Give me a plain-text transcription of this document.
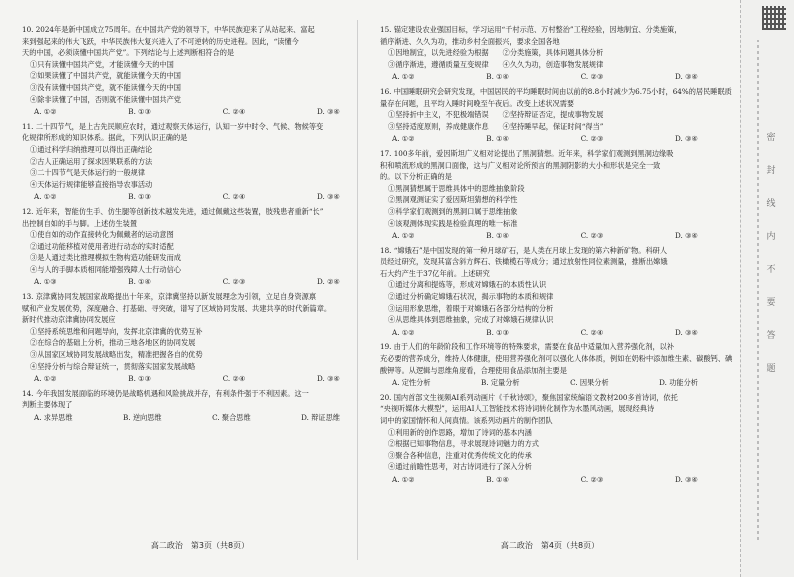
10. 2024年是新中国成立75周年。在中国共产党的领导下，中华民族迎来了从站起来、富起
来到强起来的伟大飞跃，中华民族伟大复兴进入了不可逆转的历史进程。因此，“读懂今
天的中国，必须读懂中国共产党”。下列结论与上述判断相符合的是
①只有读懂中国共产党，才能读懂今天的中国
②如果读懂了中国共产党，就能读懂今天的中国
③没有读懂中国共产党，就不能读懂今天的中国
④除非读懂了中国，否则就不能读懂中国共产党
A. ①②	B. ①③	C. ②④	D. ③④
11. 二十四节气，是上古先民顺应农时，通过观察天体运行，认知一岁中时令、气候、物候等变
化规律所形成的知识体系。据此，下列认识正确的是
①通过科学归纳推理可以得出正确结论
②古人正确运用了探求因果联系的方法
③二十四节气是天体运行的一般规律
④天体运行规律能够直接指导农事活动
A. ①②	B. ①③	C. ②④	D. ③④
12. 近年来，智能仿生手、仿生腿等创新技术越发先进，通过佩戴这些装置，肢残患者重新“长”
出控制自如的手与脚。上述仿生装置
①使自如的动作直接转化为佩戴者的运动意图
②通过功能移植对使用者进行动态的实时适配
③是人通过类比推理模拟生物构造功能研发而成
④与人的手脚本质相同能增强残障人士行动信心
A. ①③	B. ①④	C. ②③	D. ②④
13. 京津冀协同发展国家战略提出十年来，京津冀坚持以新发展理念为引领，立足自身资源禀
赋和产业发展优势，深度融合、打基础、寻突破，谱写了区域协同发展、共建共享的时代新篇章。
新时代推动京津冀协同发展应
①坚持系统思维和问题导向，发挥北京津冀的优势互补
②在综合的基础上分析，推动三地各地区的协同发展
③从国家区域协同发展战略出发，精准把握各自的优势
④坚持分析与综合辩证统一，贯彻落实国家发展战略
A. ①②	B. ①③	C. ②④	D. ③④
14. 今年我国发展面临的环境仍是战略机遇和风险挑战并存，有利条件强于不利因素。这一
判断主要体现了
A. 求异思维	B. 逆向思维	C. 聚合思维	D. 辩证思维
15. 锚定建设农业强国目标，学习运用“千村示范、万村整治”工程经验，因地制宜、分类施策，
循序渐进、久久为功，推动乡村全面振兴，要求全国各地
①因地制宜，以先进经验为根据 ②分类施策，具体问题具体分析
③循序渐进，遵循质量互变规律 ④久久为功，创造事物发展规律
A. ①②	B. ①④	C. ②③	D. ③④
16. 中国睡眠研究会研究发现，中国居民的平均睡眠时间由以前的8.8小时减少为6.75小时，64%的居民睡眠质
量存在问题，且平均入睡时间晚至午夜后。改变上述状况需要
①坚持折中主义，不犯极端错误 ②坚持辩证否定，提成事物发展
③坚持适度原则，养成健康作息 ④坚持睡早起，保证时间“得当”
A. ①②	B. ①④	C. ②③	D. ③④
17. 100多年前，爱因斯坦广义相对论提出了黑洞猜想。近年来，科学家们观测到黑洞边缘吸
积和喷流形成的黑洞口面像，这与广义相对论所预言的黑洞阴影的大小和形状是完全一致
的。以下分析正确的是
①黑洞猜想属于思维具体中的思维抽象阶段
②黑洞观测证实了爱因斯坦猜想的科学性
③科学家们观测到的黑洞口属于思维抽象
④该观测体现实践是检验真理的唯一标准
A. ①②	B. ①④	C. ②③	D. ③④
18. “嫦娥石”是中国发现的第一种月球矿石，是人类在月球上发现的第六种新矿物。科研人
员经过研究，发现其富含斜方辉石、铁橄榄石等成分；通过放射性同位素测量，推断出嫦娥
石大约产生于37亿年前。上述研究
①通过分离和提炼等，形成对嫦娥石的本质性认识
②通过分析确定嫦娥石状况，揭示事物的本质和规律
③运用形象思维，着眼于对嫦娥石各部分结构的分析
④从思维具体到思维抽象，完成了对嫦娥石规律认识
A. ①②	B. ①③	C. ②④	D. ③④
19. 由于人们的年龄阶段和工作环境等的特殊要求，需要在食品中适量加入营养强化剂，以补
充必要的营养成分，维持人体健康，使用营养强化剂可以强化人体体质，例如在奶粉中添加维生素、碳酸钙、碘
酸钾等。从逻辑与思维角度看，合理使用食品添加剂主要是
A. 定性分析	B. 定量分析	C. 因果分析	D. 功能分析
20. 国内首部文生视频AI系列动画片《千秋诗颂》，聚焦国家统编语文教材200多首诗词，依托
“央视听媒体大模型”，运用AI人工智能技术将诗词转化制作为水墨风动画，展现经典诗
词中的家国情怀和人间真情。该系列动画片的制作团队
①利用新的创作思路，增加了诗词的基本内涵
②根据已知事物信息，寻求展现诗词魅力的方式
③聚合各种信息，注重对优秀传统文化的传承
④通过前瞻性思考，对古诗词进行了深入分析
A. ①②	B. ①④	C. ②③	D. ③④
高二政治　第3页（共8页）	高二政治　第4页（共8页）
密
封
线
内
不
要
答
题
